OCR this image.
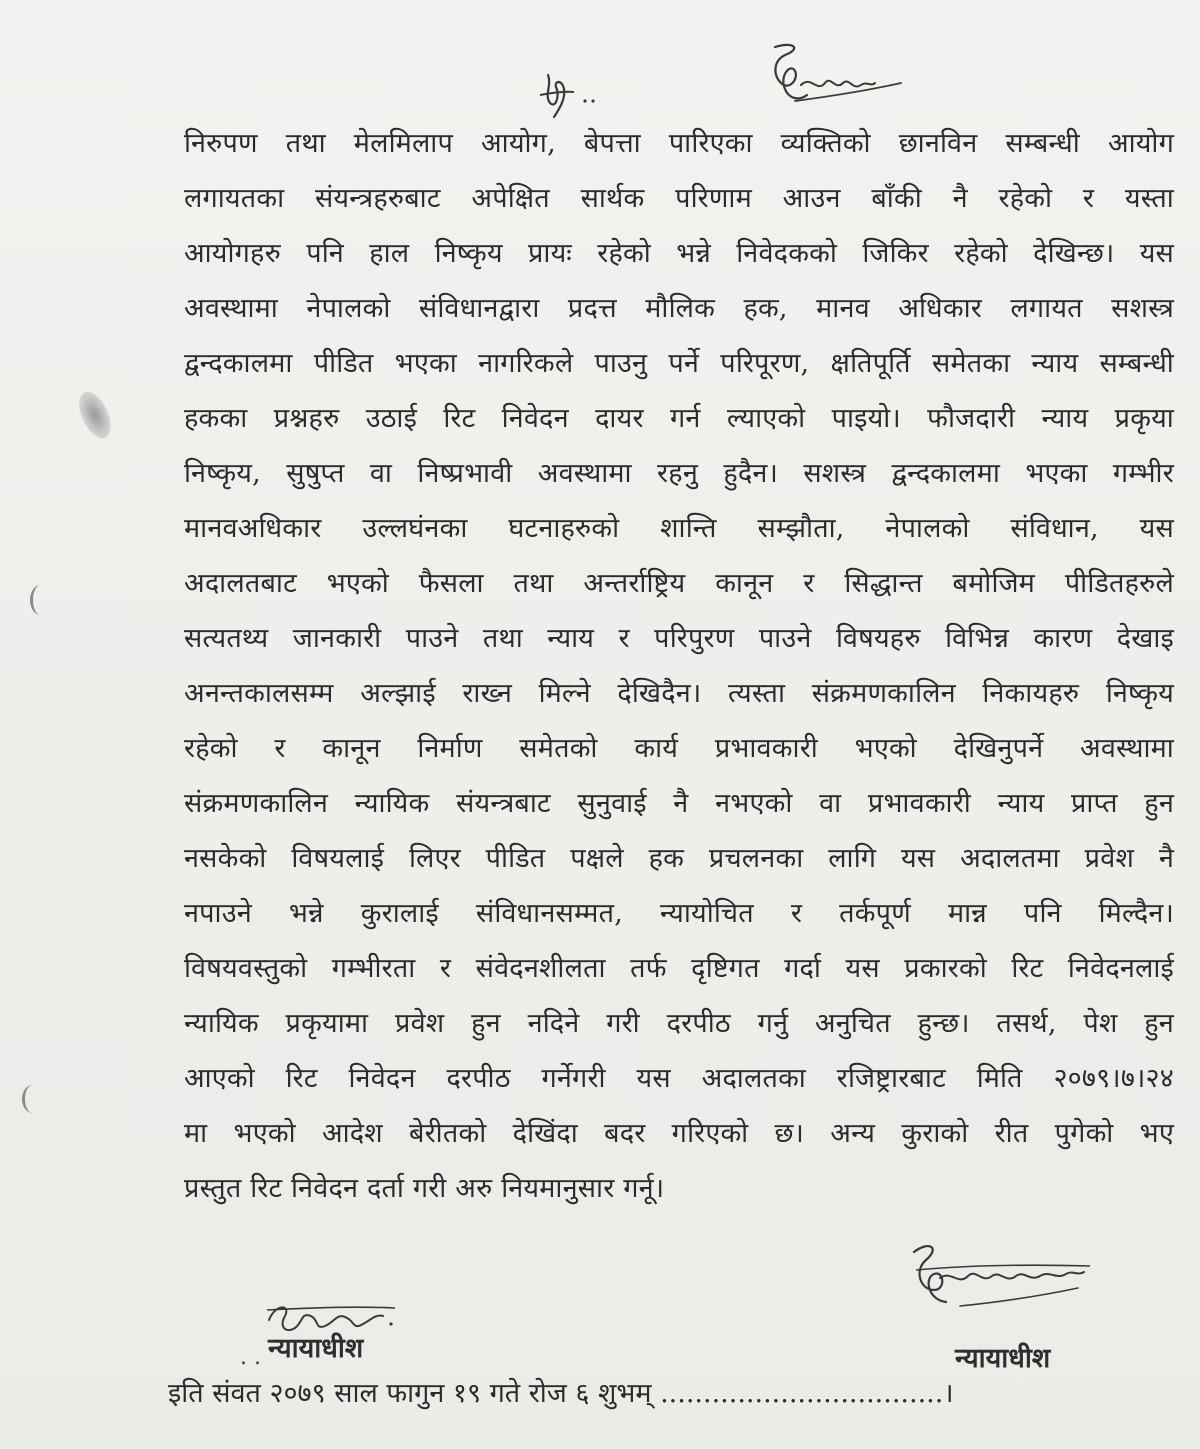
निरुपण तथा मेलमिलाप आयोग, बेपत्ता पारिएका व्यक्तिको छानविन सम्बन्धी आयोग
लगायतका संयन्त्रहरुबाट अपेक्षित सार्थक परिणाम आउन बाँकी नै रहेको र यस्ता
आयोगहरु पनि हाल निष्कृय प्रायः रहेको भन्ने निवेदकको जिकिर रहेको देखिन्छ। यस
अवस्थामा नेपालको संविधानद्वारा प्रदत्त मौलिक हक, मानव अधिकार लगायत सशस्त्र
द्वन्दकालमा पीडित भएका नागरिकले पाउनु पर्ने परिपूरण, क्षतिपूर्ति समेतका न्याय सम्बन्धी
हकका प्रश्नहरु उठाई रिट निवेदन दायर गर्न ल्याएको पाइयो। फौजदारी न्याय प्रकृया
निष्कृय, सुषुप्त वा निष्प्रभावी अवस्थामा रहनु हुदैन। सशस्त्र द्वन्दकालमा भएका गम्भीर
मानवअधिकार उल्लघंनका घटनाहरुको शान्ति सम्झौता, नेपालको संविधान, यस
अदालतबाट भएको फैसला तथा अन्तर्राष्ट्रिय कानून र सिद्धान्त बमोजिम पीडितहरुले
सत्यतथ्य जानकारी पाउने तथा न्याय र परिपुरण पाउने विषयहरु विभिन्न कारण देखाइ
अनन्तकालसम्म अल्झाई राख्न मिल्ने देखिदैन। त्यस्ता संक्रमणकालिन निकायहरु निष्कृय
रहेको र कानून निर्माण समेतको कार्य प्रभावकारी भएको देखिनुपर्ने अवस्थामा
संक्रमणकालिन न्यायिक संयन्त्रबाट सुनुवाई नै नभएको वा प्रभावकारी न्याय प्राप्त हुन
नसकेको विषयलाई लिएर पीडित पक्षले हक प्रचलनका लागि यस अदालतमा प्रवेश नै
नपाउने भन्ने कुरालाई संविधानसम्मत, न्यायोचित र तर्कपूर्ण मान्न पनि मिल्दैन।
विषयवस्तुको गम्भीरता र संवेदनशीलता तर्फ दृष्टिगत गर्दा यस प्रकारको रिट निवेदनलाई
न्यायिक प्रकृयामा प्रवेश हुन नदिने गरी दरपीठ गर्नु अनुचित हुन्छ। तसर्थ, पेश हुन
आएको रिट निवेदन दरपीठ गर्नेगरी यस अदालतका रजिष्ट्रारबाट मिति २०७९।७।२४
मा भएको आदेश बेरीतको देखिंदा बदर गरिएको छ। अन्य कुराको रीत पुगेको भए
प्रस्तुत रिट निवेदन दर्ता गरी अरु नियमानुसार गर्नू।
. . न्यायाधीश	न्यायाधीश
इति संवत २०७९ साल फागुन १९ गते रोज ६ शुभम् .................................।
